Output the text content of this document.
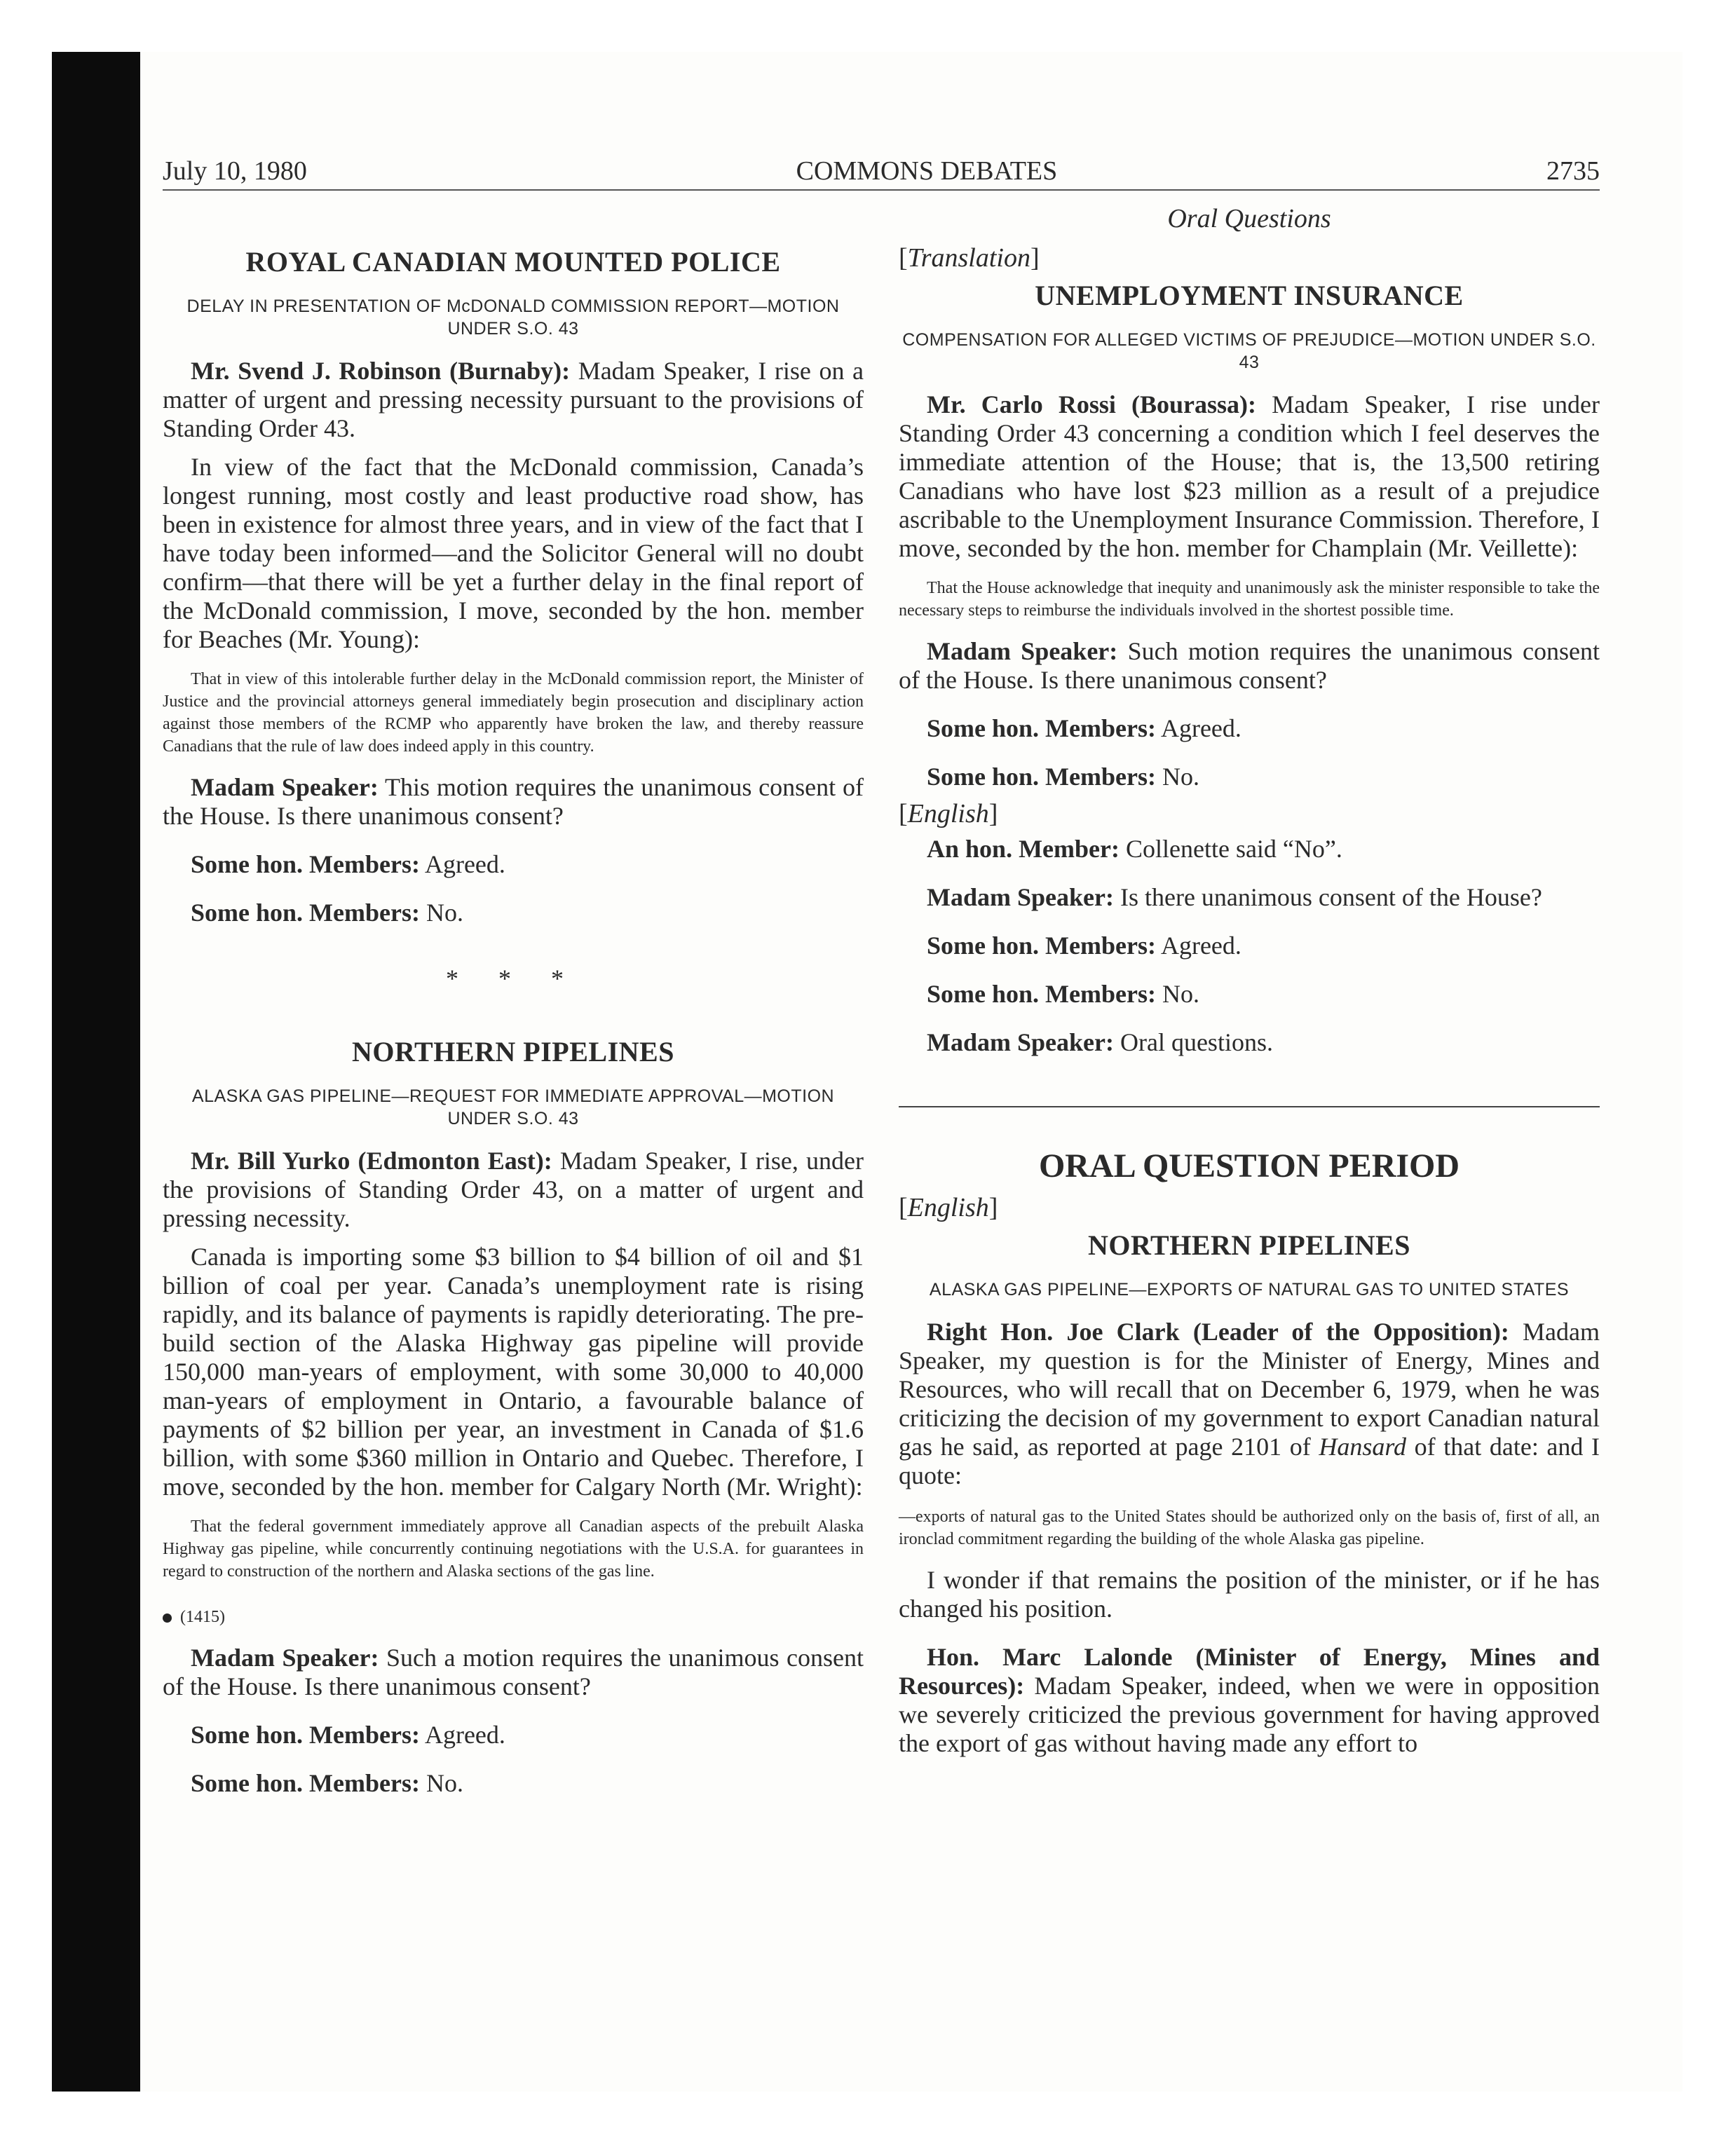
July 10, 1980	COMMONS DEBATES	2735
ROYAL CANADIAN MOUNTED POLICE
DELAY IN PRESENTATION OF McDONALD COMMISSION REPORT—MOTION UNDER S.O. 43

Mr. Svend J. Robinson (Burnaby): Madam Speaker, I rise on a matter of urgent and pressing necessity pursuant to the provisions of Standing Order 43.

In view of the fact that the McDonald commission, Canada’s longest running, most costly and least productive road show, has been in existence for almost three years, and in view of the fact that I have today been informed—and the Solicitor General will no doubt confirm—that there will be yet a further delay in the final report of the McDonald commission, I move, seconded by the hon. member for Beaches (Mr. Young):

That in view of this intolerable further delay in the McDonald commission report, the Minister of Justice and the provincial attorneys general immediately begin prosecution and disciplinary action against those members of the RCMP who apparently have broken the law, and thereby reassure Canadians that the rule of law does indeed apply in this country.

Madam Speaker: This motion requires the unanimous consent of the House. Is there unanimous consent?

Some hon. Members: Agreed.

Some hon. Members: No.

* * *
NORTHERN PIPELINES
ALASKA GAS PIPELINE—REQUEST FOR IMMEDIATE APPROVAL—MOTION UNDER S.O. 43

Mr. Bill Yurko (Edmonton East): Madam Speaker, I rise, under the provisions of Standing Order 43, on a matter of urgent and pressing necessity.

Canada is importing some $3 billion to $4 billion of oil and $1 billion of coal per year. Canada’s unemployment rate is rising rapidly, and its balance of payments is rapidly deteriorating. The pre-build section of the Alaska Highway gas pipeline will provide 150,000 man-years of employment, with some 30,000 to 40,000 man-years of employment in Ontario, a favourable balance of payments of $2 billion per year, an investment in Canada of $1.6 billion, with some $360 million in Ontario and Quebec. Therefore, I move, seconded by the hon. member for Calgary North (Mr. Wright):

That the federal government immediately approve all Canadian aspects of the prebuilt Alaska Highway gas pipeline, while concurrently continuing negotiations with the U.S.A. for guarantees in regard to construction of the northern and Alaska sections of the gas line.

(1415)

Madam Speaker: Such a motion requires the unanimous consent of the House. Is there unanimous consent?

Some hon. Members: Agreed.

Some hon. Members: No.

Oral Questions
[Translation]
UNEMPLOYMENT INSURANCE
COMPENSATION FOR ALLEGED VICTIMS OF PREJUDICE—MOTION UNDER S.O. 43

Mr. Carlo Rossi (Bourassa): Madam Speaker, I rise under Standing Order 43 concerning a condition which I feel deserves the immediate attention of the House; that is, the 13,500 retiring Canadians who have lost $23 million as a result of a prejudice ascribable to the Unemployment Insurance Commission. Therefore, I move, seconded by the hon. member for Champlain (Mr. Veillette):

That the House acknowledge that inequity and unanimously ask the minister responsible to take the necessary steps to reimburse the individuals involved in the shortest possible time.

Madam Speaker: Such motion requires the unanimous consent of the House. Is there unanimous consent?

Some hon. Members: Agreed.

Some hon. Members: No.

[English]

An hon. Member: Collenette said “No”.

Madam Speaker: Is there unanimous consent of the House?

Some hon. Members: Agreed.

Some hon. Members: No.

Madam Speaker: Oral questions.

ORAL QUESTION PERIOD
[English]
NORTHERN PIPELINES
ALASKA GAS PIPELINE—EXPORTS OF NATURAL GAS TO UNITED STATES

Right Hon. Joe Clark (Leader of the Opposition): Madam Speaker, my question is for the Minister of Energy, Mines and Resources, who will recall that on December 6, 1979, when he was criticizing the decision of my government to export Canadian natural gas he said, as reported at page 2101 of Hansard of that date: and I quote:

—exports of natural gas to the United States should be authorized only on the basis of, first of all, an ironclad commitment regarding the building of the whole Alaska gas pipeline.

I wonder if that remains the position of the minister, or if he has changed his position.

Hon. Marc Lalonde (Minister of Energy, Mines and Resources): Madam Speaker, indeed, when we were in opposition we severely criticized the previous government for having approved the export of gas without having made any effort to
